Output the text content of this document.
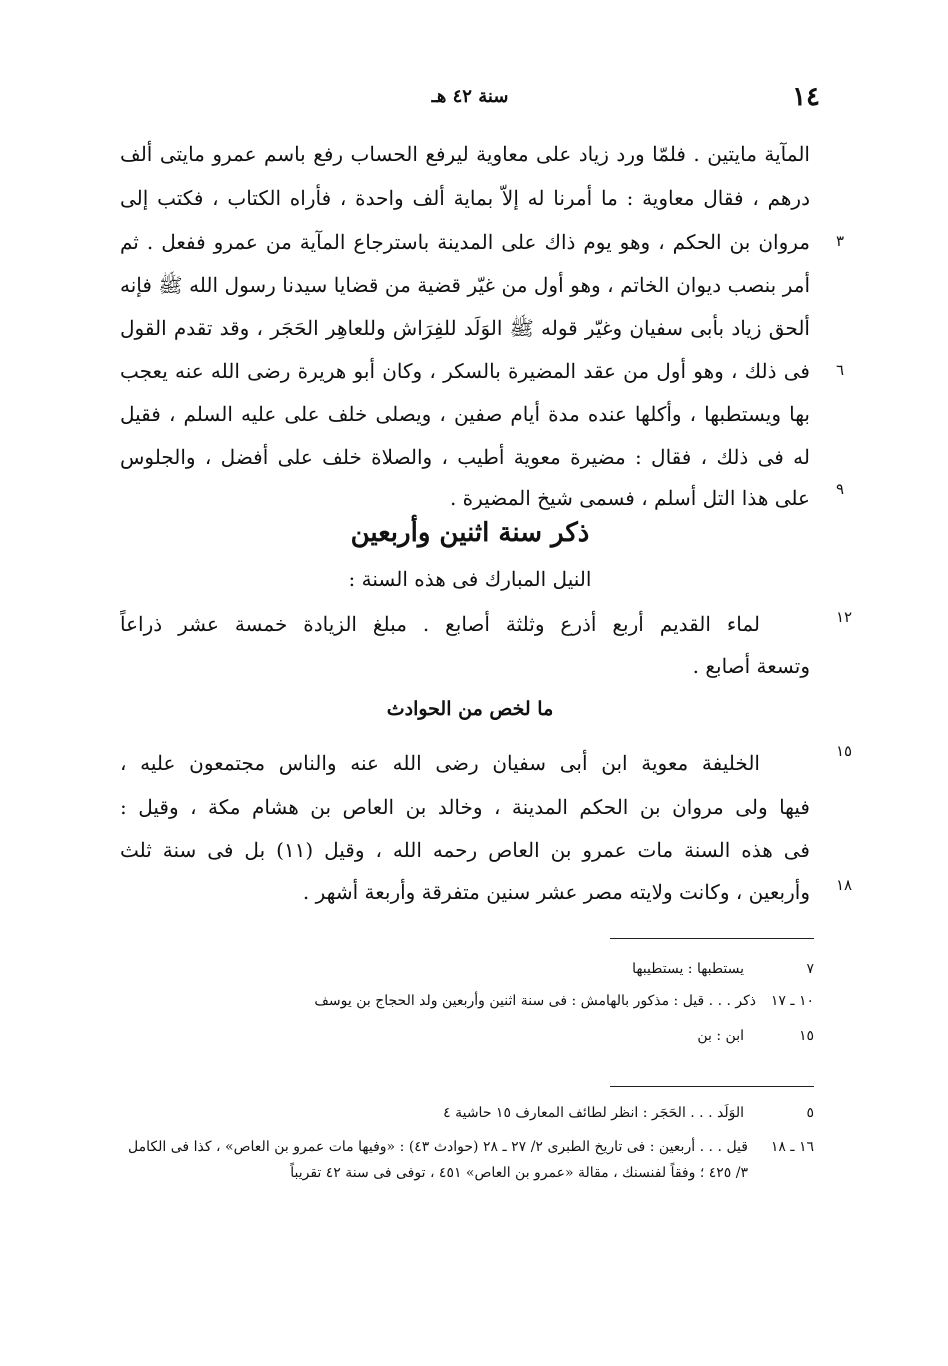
١٤
سنة ٤٢ هـ
المآية مايتين . فلمّا ورد زياد على معاوية ليرفع الحساب رفع باسم عمرو مايتى ألف
درهم ، فقال معاوية : ما أمرنا له إلاّ بماية ألف واحدة ، فأراه الكتاب ، فكتب إلى
مروان بن الحكم ، وهو يوم ذاك على المدينة باسترجاع المآية من عمرو ففعل . ثم
أمر بنصب ديوان الخاتم ، وهو أول من غيّر قضية من قضايا سيدنا رسول الله ﷺ فإنه
ألحق زياد بأبى سفيان وغيّر قوله ﷺ الوَلَد للفِرَاش وللعاهِر الحَجَر ، وقد تقدم القول
فى ذلك ، وهو أول من عقد المضيرة بالسكر ، وكان أبو هريرة رضى الله عنه يعجب
بها ويستطبها ، وأكلها عنده مدة أيام صفين ، ويصلى خلف على عليه السلم ، فقيل
له فى ذلك ، فقال : مضيرة معوية أطيب ، والصلاة خلف على أفضل ، والجلوس
على هذا التل أسلم ، فسمى شيخ المضيرة .
٣
٦
٩
ذكر سنة اثنين وأربعين
النيل المبارك فى هذه السنة :
لماء القديم أربع أذرع وثلثة أصابع . مبلغ الزيادة خمسة عشر ذراعاً
وتسعة أصابع .
١٢
ما لخص من الحوادث
الخليفة معوية ابن أبى سفيان رضى الله عنه والناس مجتمعون عليه ،
فيها ولى مروان بن الحكم المدينة ، وخالد بن العاص بن هشام مكة ، وقيل :
فى هذه السنة مات عمرو بن العاص رحمه الله ، وقيل (١١) بل فى سنة ثلث
وأربعين ، وكانت ولايته مصر عشر سنين متفرقة وأربعة أشهر .
١٥
١٨
٧
يستطبها : يستطيبها
١٠ ـ ١٧
ذكر . . . قيل : مذكور بالهامش : فى سنة اثنين وأربعين ولد الحجاج بن يوسف
١٥
ابن : بن
٥
الوَلَد . . . الحَجَر : انظر لطائف المعارف ١٥ حاشية ٤
١٦ ـ ١٨
قيل . . . أربعين : فى تاريخ الطبرى ٢/ ٢٧ ـ ٢٨ (حوادث ٤٣) : «وفيها مات عمرو بن العاص» ، كذا فى الكامل ٣/ ٤٢٥ ؛ وفقاً لفنسنك ، مقالة «عمرو بن العاص» ٤٥١ ، توفى فى سنة ٤٢ تقريباً
